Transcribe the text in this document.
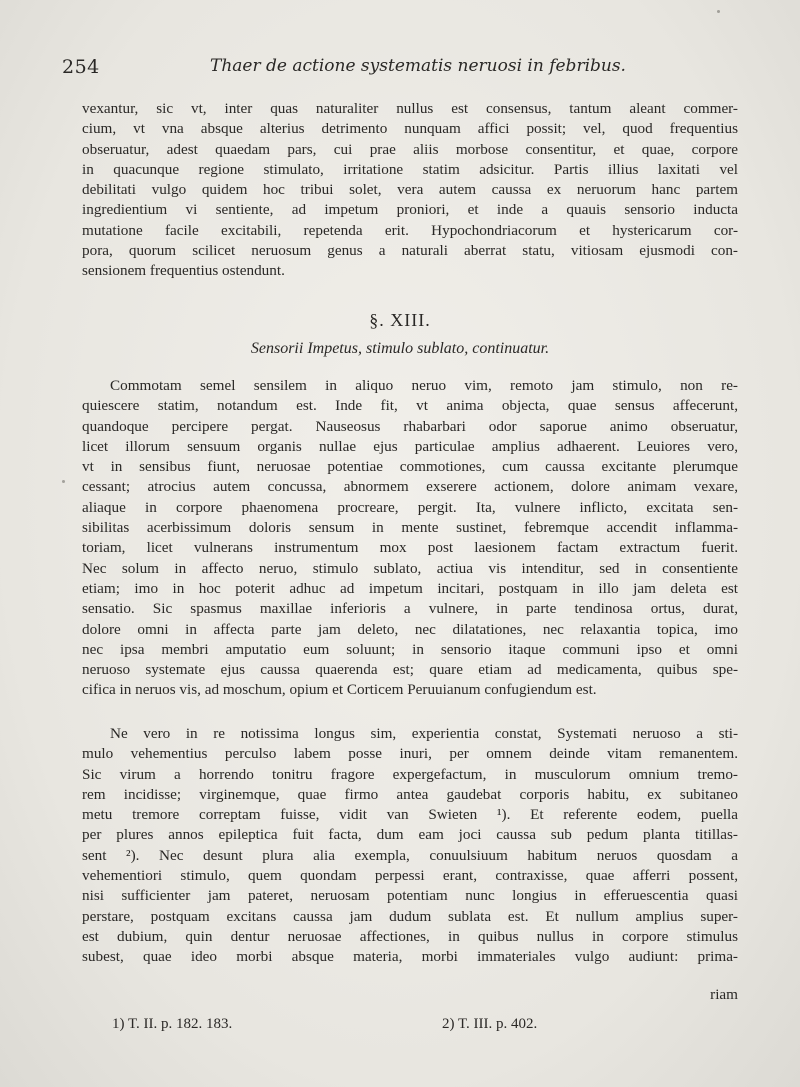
254	Thaer de actione systematis neruosi in febribus.

vexantur, sic vt, inter quas naturaliter nullus est consensus, tantum aleant commer-
cium, vt vna absque alterius detrimento nunquam affici possit; vel, quod frequentius
obseruatur, adest quaedam pars, cui prae aliis morbose consentitur, et quae, corpore
in quacunque regione stimulato, irritatione statim adsicitur. Partis illius laxitati vel
debilitati vulgo quidem hoc tribui solet, vera autem caussa ex neruorum hanc partem
ingredientium vi sentiente, ad impetum proniori, et inde a quauis sensorio inducta
mutatione facile excitabili, repetenda erit. Hypochondriacorum et hystericarum cor-
pora, quorum scilicet neruosum genus a naturali aberrat statu, vitiosam ejusmodi con-
sensionem frequentius ostendunt.

§. XIII.
Sensorii Impetus, stimulo sublato, continuatur.

Commotam semel sensilem in aliquo neruo vim, remoto jam stimulo, non re-
quiescere statim, notandum est. Inde fit, vt anima objecta, quae sensus affecerunt,
quandoque percipere pergat. Nauseosus rhabarbari odor saporue animo obseruatur,
licet illorum sensuum organis nullae ejus particulae amplius adhaerent. Leuiores vero,
vt in sensibus fiunt, neruosae potentiae commotiones, cum caussa excitante plerumque
cessant; atrocius autem concussa, abnormem exserere actionem, dolore animam vexare,
aliaque in corpore phaenomena procreare, pergit. Ita, vulnere inflicto, excitata sen-
sibilitas acerbissimum doloris sensum in mente sustinet, febremque accendit inflamma-
toriam, licet vulnerans instrumentum mox post laesionem factam extractum fuerit.
Nec solum in affecto neruo, stimulo sublato, actiua vis intenditur, sed in consentiente
etiam; imo in hoc poterit adhuc ad impetum incitari, postquam in illo jam deleta est
sensatio. Sic spasmus maxillae inferioris a vulnere, in parte tendinosa ortus, durat,
dolore omni in affecta parte jam deleto, nec dilatationes, nec relaxantia topica, imo
nec ipsa membri amputatio eum soluunt; in sensorio itaque communi ipso et omni
neruoso systemate ejus caussa quaerenda est; quare etiam ad medicamenta, quibus spe-
cifica in neruos vis, ad moschum, opium et Corticem Peruuianum confugiendum est.

Ne vero in re notissima longus sim, experientia constat, Systemati neruoso a sti-
mulo vehementius perculso labem posse inuri, per omnem deinde vitam remanentem.
Sic virum a horrendo tonitru fragore expergefactum, in musculorum omnium tremo-
rem incidisse; virginemque, quae firmo antea gaudebat corporis habitu, ex subitaneo
metu tremore correptam fuisse, vidit van Swieten ¹). Et referente eodem, puella
per plures annos epileptica fuit facta, dum eam joci caussa sub pedum planta titillas-
sent ²). Nec desunt plura alia exempla, conuulsiuum habitum neruos quosdam a
vehementiori stimulo, quem quondam perpessi erant, contraxisse, quae afferri possent,
nisi sufficienter jam pateret, neruosam potentiam nunc longius in efferuescentia quasi
perstare, postquam excitans caussa jam dudum sublata est. Et nullum amplius super-
est dubium, quin dentur neruosae affectiones, in quibus nullus in corpore stimulus
subest, quae ideo morbi absque materia, morbi immateriales vulgo audiunt: prima-

riam
1) T. II. p. 182. 183.	2) T. III. p. 402.
